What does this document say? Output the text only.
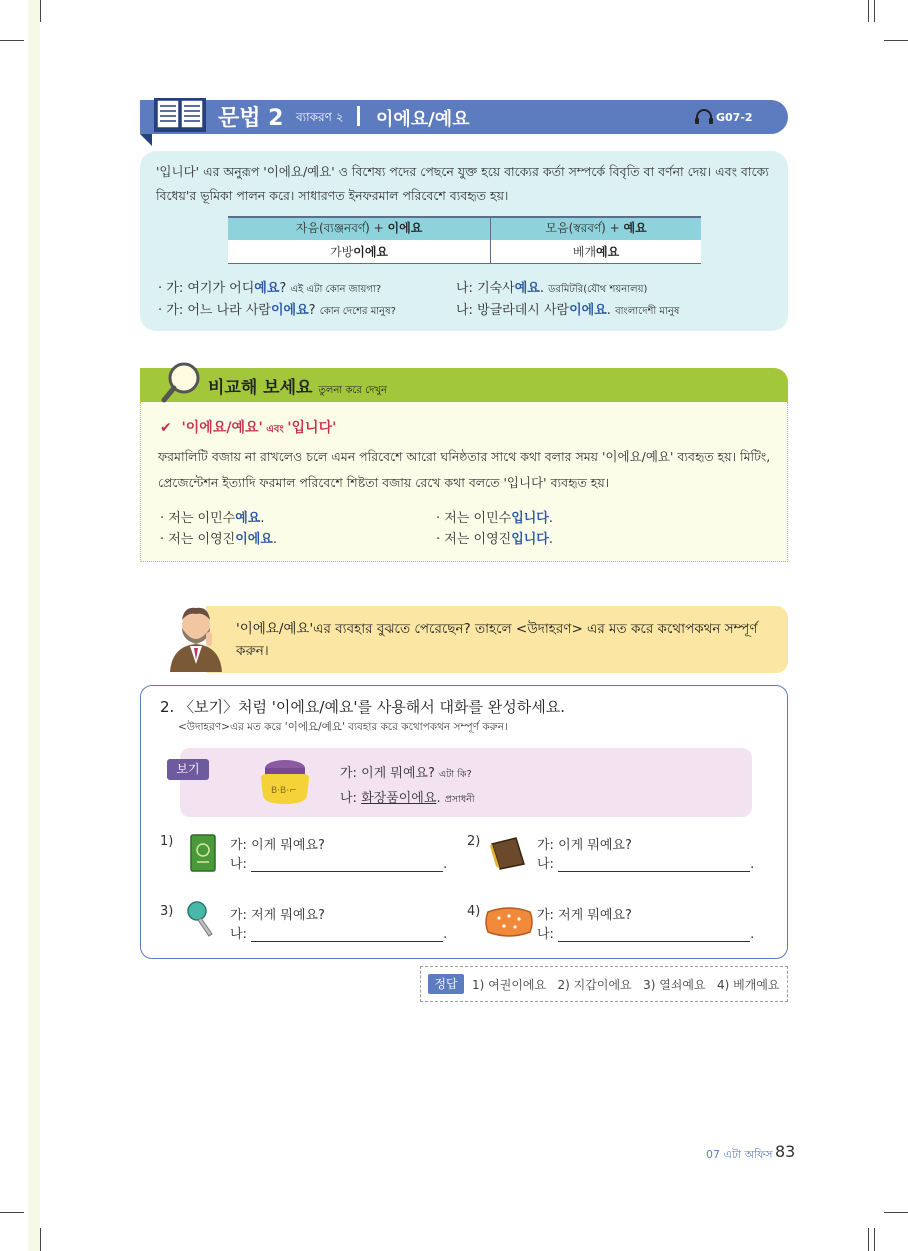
문법 2 ব্যাকরণ ২ 이에요/예요	G07-2
'입니다' এর অনুরূপ '이에요/예요' ও বিশেষ্য পদের পেছনে যুক্ত হয়ে বাক্যের কর্তা সম্পর্কে বিবৃতি বা বর্ণনা দেয়। এবং বাক্যে বিধেয়'র ভূমিকা পালন করে। সাধারণত ইনফরমাল পরিবেশে ব্যবহৃত হয়।
자음(ব্যঞ্জনবর্ণ) + 이에요	모음(স্বরবর্ণ) + 예요
가방이에요	베개예요
· 가: 여기가 어디예요? এই এটা কোন জায়গা?	나: 기숙사예요. ডরমিটরি(যৌথ শয়নালয়)
· 가: 어느 나라 사람이에요? কোন দেশের মানুষ?	나: 방글라데시 사람이에요. বাংলাদেশী মানুষ
비교해 보세요 তুলনা করে দেখুন
✔  '이에요/예요' এবং '입니다'
ফরমালিটি বজায় না রাখলেও চলে এমন পরিবেশে আরো ঘনিষ্ঠতার সাথে কথা বলার সময় '이에요/예요' ব্যবহৃত হয়। মিটিং, প্রেজেন্টেশন ইত্যাদি ফরমাল পরিবেশে শিষ্টতা বজায় রেখে কথা বলতে '입니다' ব্যবহৃত হয়।
· 저는 이민수예요.	· 저는 이민수입니다.
· 저는 이영진이에요.	· 저는 이영진입니다.
'이에요/예요'এর ব্যবহার বুঝতে পেরেছেন? তাহলে <উদাহরণ> এর মত করে কথোপকথন সম্পূর্ণ করুন।
2. 〈보기〉처럼 '이에요/예요'를 사용해서 대화를 완성하세요.
<উদাহরণ>এর মত করে '이에요/예요' ব্যবহার করে কথোপকথন সম্পূর্ণ করুন।
보기
B·B·⌐
가: 이게 뭐예요? এটা কি?
나: 화장품이에요. প্রসাধনী
1)	가: 이게 뭐예요?
나:	.
2)	가: 이게 뭐예요?
나:	.
3)	가: 저게 뭐예요?
나:	.
4)	가: 저게 뭐예요?
나:	.
정답	1) 여권이에요   2) 지갑이에요   3) 열쇠예요   4) 베개예요
07 এটা অফিস 83
